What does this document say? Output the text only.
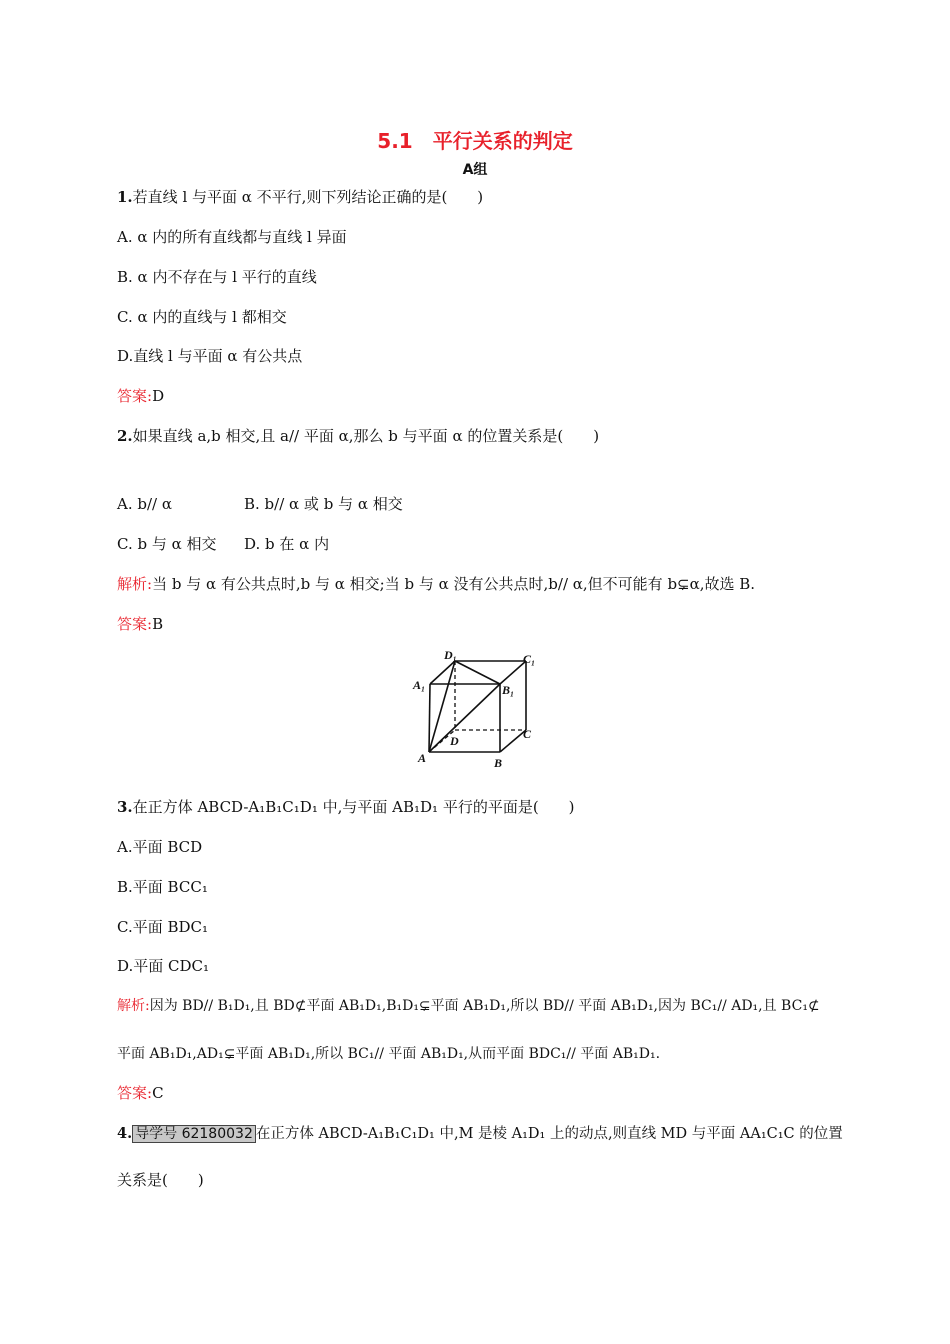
5.1　平行关系的判定
A组
1.若直线 l 与平面 α 不平行,则下列结论正确的是(　　)
A. α 内的所有直线都与直线 l 异面
B. α 内不存在与 l 平行的直线
C. α 内的直线与 l 都相交
D.直线 l 与平面 α 有公共点
答案:D
2.如果直线 a,b 相交,且 a// 平面 α,那么 b 与平面 α 的位置关系是(　　)
A. b// α	B. b// α 或 b 与 α 相交
C. b 与 α 相交 D. b 在 α 内
解析:当 b 与 α 有公共点时,b 与 α 相交;当 b 与 α 没有公共点时,b// α,但不可能有 b⊊α,故选 B.
答案:B
D₁	C₁
A₁	B₁
D	C
A	B
3.在正方体 ABCD-A₁B₁C₁D₁ 中,与平面 AB₁D₁ 平行的平面是(　　)
A.平面 BCD
B.平面 BCC₁
C.平面 BDC₁
D.平面 CDC₁
解析:因为 BD// B₁D₁,且 BD⊄平面 AB₁D₁,B₁D₁⊊平面 AB₁D₁,所以 BD// 平面 AB₁D₁,因为 BC₁// AD₁,且 BC₁⊄
平面 AB₁D₁,AD₁⊊平面 AB₁D₁,所以 BC₁// 平面 AB₁D₁,从而平面 BDC₁// 平面 AB₁D₁.
答案:C
4. 导学号 62180032 在正方体 ABCD-A₁B₁C₁D₁ 中,M 是棱 A₁D₁ 上的动点,则直线 MD 与平面 AA₁C₁C 的位置
关系是(　　)
